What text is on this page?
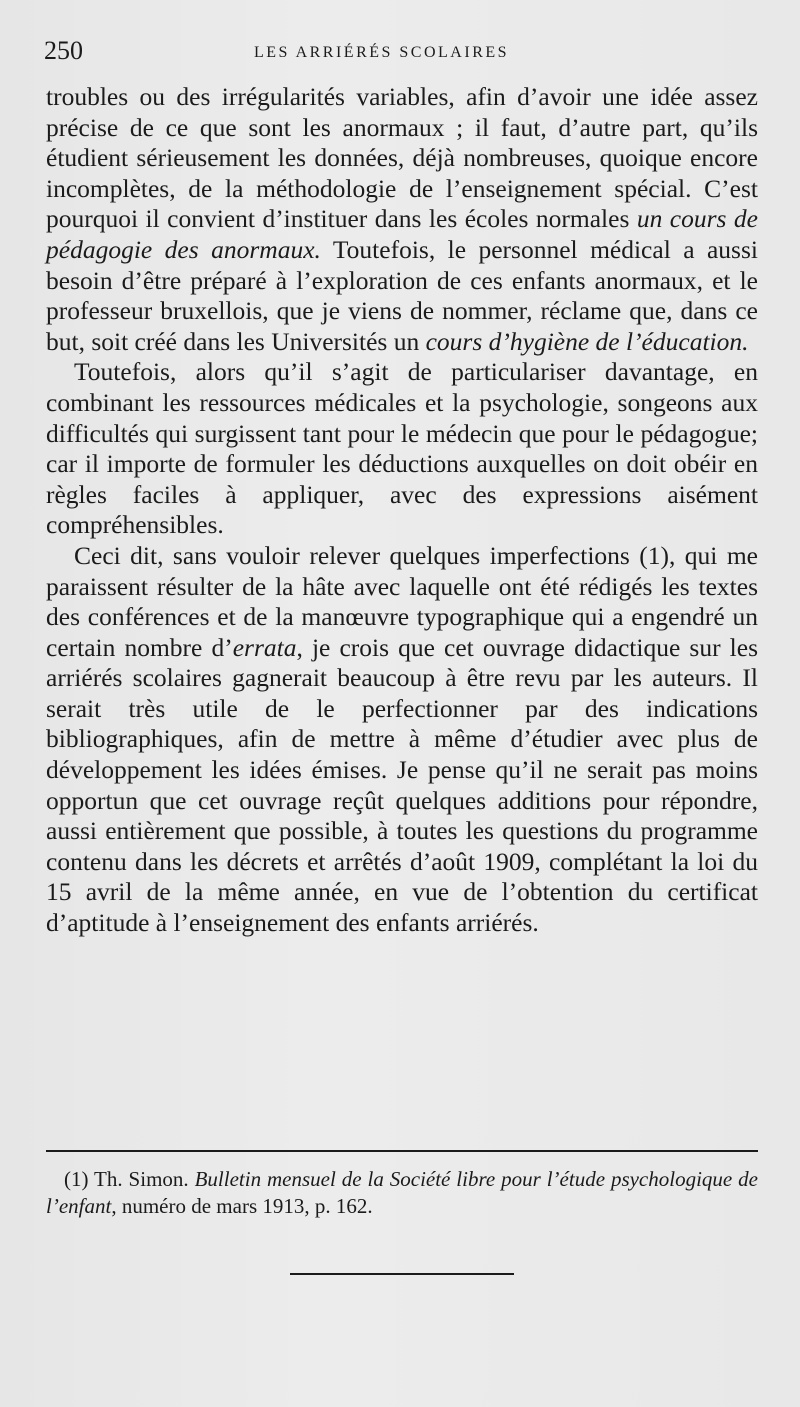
250	LES ARRIÉRÉS SCOLAIRES

troubles ou des irrégularités variables, afin d’avoir une idée assez précise de ce que sont les anormaux ; il faut, d’autre part, qu’ils étudient sérieusement les données, déjà nombreuses, quoique encore incomplètes, de la méthodologie de l’enseignement spécial. C’est pourquoi il convient d’instituer dans les écoles normales un cours de pédagogie des anormaux. Toutefois, le personnel médical a aussi besoin d’être préparé à l’exploration de ces enfants anormaux, et le professeur bruxellois, que je viens de nommer, réclame que, dans ce but, soit créé dans les Universités un cours d’hygiène de l’éducation.

Toutefois, alors qu’il s’agit de particulariser davantage, en combinant les ressources médicales et la psychologie, songeons aux difficultés qui surgissent tant pour le médecin que pour le pédagogue; car il importe de formuler les déductions auxquelles on doit obéir en règles faciles à appliquer, avec des expressions aisément compréhensibles.

Ceci dit, sans vouloir relever quelques imperfections (1), qui me paraissent résulter de la hâte avec laquelle ont été rédigés les textes des conférences et de la manœuvre typographique qui a engendré un certain nombre d’errata, je crois que cet ouvrage didactique sur les arriérés scolaires gagnerait beaucoup à être revu par les auteurs. Il serait très utile de le perfectionner par des indications bibliographiques, afin de mettre à même d’étudier avec plus de développement les idées émises. Je pense qu’il ne serait pas moins opportun que cet ouvrage reçût quelques additions pour répondre, aussi entièrement que possible, à toutes les questions du programme contenu dans les décrets et arrêtés d’août 1909, complétant la loi du 15 avril de la même année, en vue de l’obtention du certificat d’aptitude à l’enseignement des enfants arriérés.

(1) Th. Simon. Bulletin mensuel de la Société libre pour l’étude psychologique de l’enfant, numéro de mars 1913, p. 162.
